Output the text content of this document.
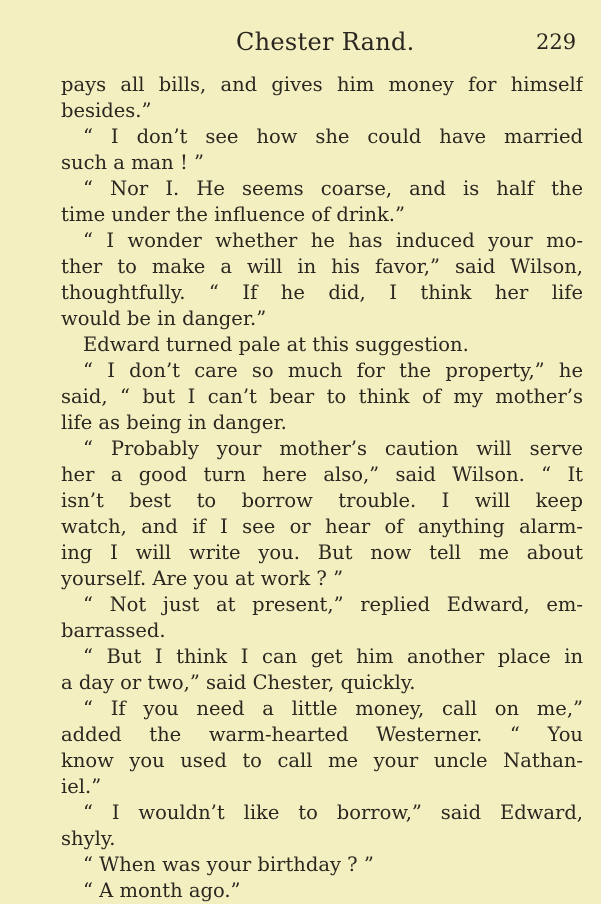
Chester Rand.	229
pays all bills, and gives him money for himself
besides.”
“ I don’t see how she could have married
such a man ! ”
“ Nor I. He seems coarse, and is half the
time under the influence of drink.”
“ I wonder whether he has induced your mo-
ther to make a will in his favor,” said Wilson,
thoughtfully. “ If he did, I think her life
would be in danger.”
Edward turned pale at this suggestion.
“ I don’t care so much for the property,” he
said, “ but I can’t bear to think of my mother’s
life as being in danger.
“ Probably your mother’s caution will serve
her a good turn here also,” said Wilson. “ It
isn’t best to borrow trouble. I will keep
watch, and if I see or hear of anything alarm-
ing I will write you. But now tell me about
yourself. Are you at work ? ”
“ Not just at present,” replied Edward, em-
barrassed.
“ But I think I can get him another place in
a day or two,” said Chester, quickly.
“ If you need a little money, call on me,”
added the warm-hearted Westerner. “ You
know you used to call me your uncle Nathan-
iel.”
“ I wouldn’t like to borrow,” said Edward,
shyly.
“ When was your birthday ? ”
“ A month ago.”
